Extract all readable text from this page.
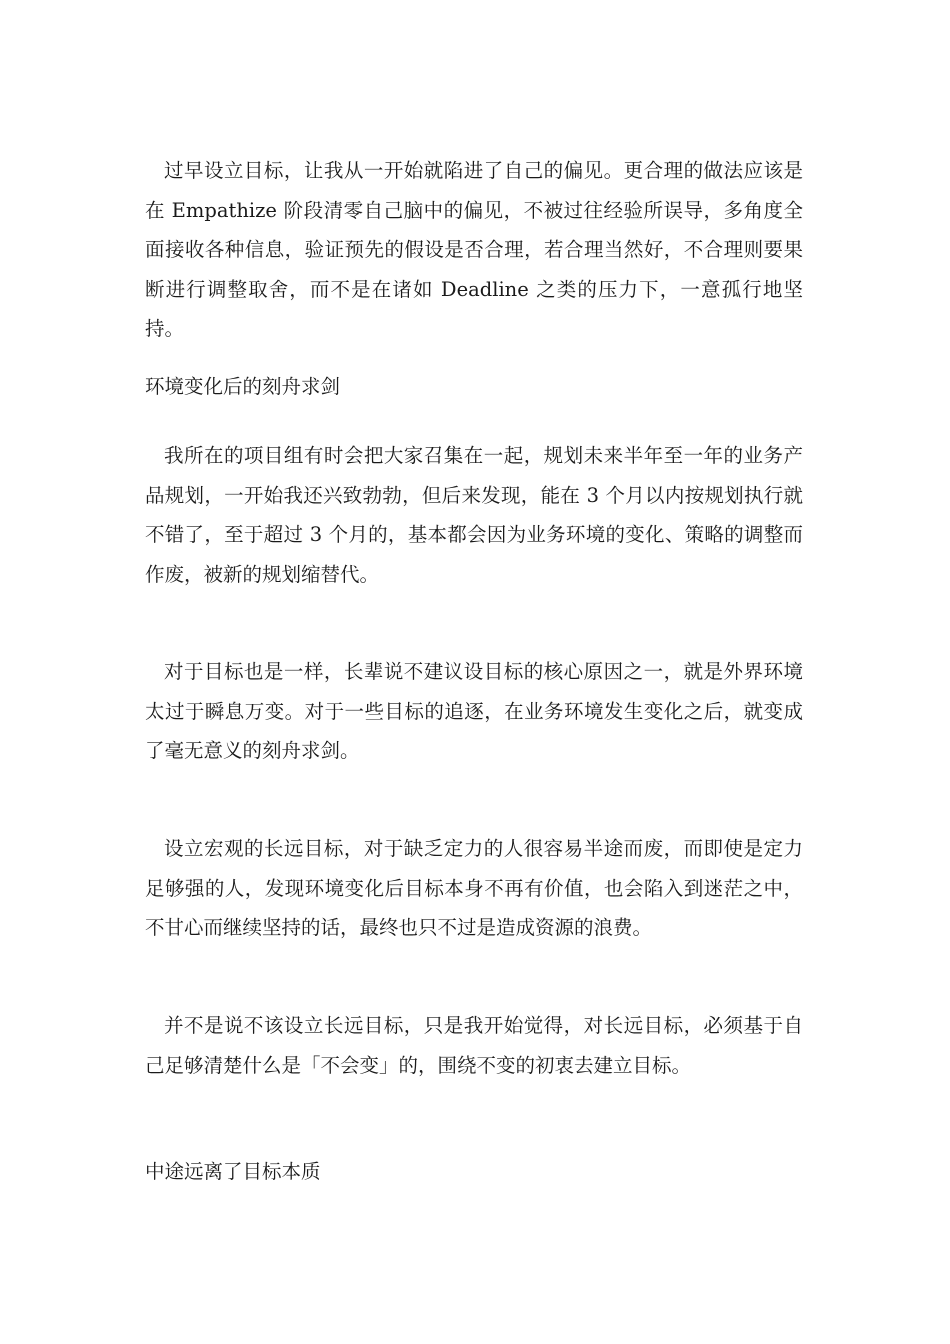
过早设立目标，让我从一开始就陷进了自己的偏见。更合理的做法应该是在 Empathize 阶段清零自己脑中的偏见，不被过往经验所误导，多角度全面接收各种信息，验证预先的假设是否合理，若合理当然好，不合理则要果断进行调整取舍，而不是在诸如 Deadline 之类的压力下，一意孤行地坚持。

环境变化后的刻舟求剑

我所在的项目组有时会把大家召集在一起，规划未来半年至一年的业务产品规划，一开始我还兴致勃勃，但后来发现，能在 3 个月以内按规划执行就不错了，至于超过 3 个月的，基本都会因为业务环境的变化、策略的调整而作废，被新的规划缩替代。

对于目标也是一样，长辈说不建议设目标的核心原因之一，就是外界环境太过于瞬息万变。对于一些目标的追逐，在业务环境发生变化之后，就变成了毫无意义的刻舟求剑。

设立宏观的长远目标，对于缺乏定力的人很容易半途而废，而即使是定力足够强的人，发现环境变化后目标本身不再有价值，也会陷入到迷茫之中，不甘心而继续坚持的话，最终也只不过是造成资源的浪费。

并不是说不该设立长远目标，只是我开始觉得，对长远目标，必须基于自己足够清楚什么是「不会变」的，围绕不变的初衷去建立目标。

中途远离了目标本质
